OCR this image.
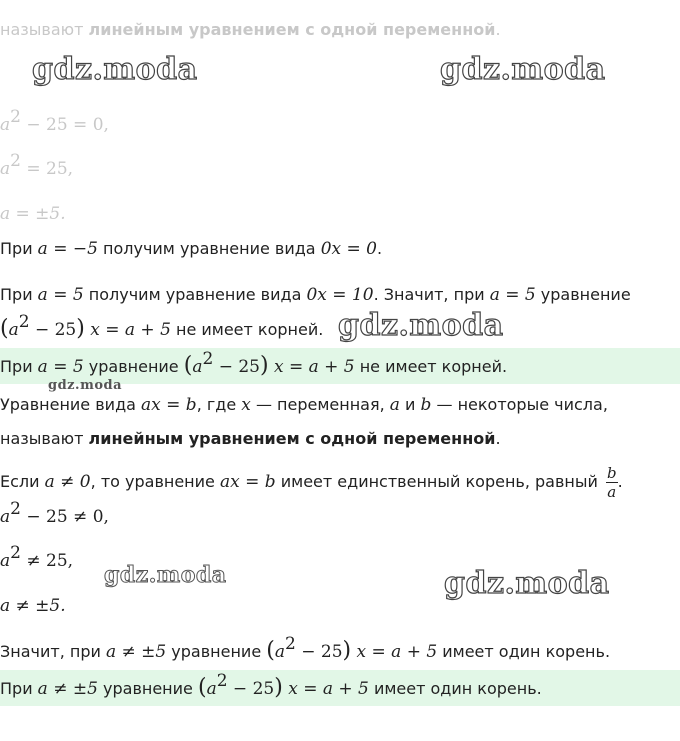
называют линейным уравнением с одной переменной.
$a^2 - 25 = 0$,
$a^2 = 25$,
a = ±5.
При a = −5 получим уравнение вида 0x = 0.
При a = 5 получим уравнение вида 0x = 10. Значит, при a = 5 уравнение
$(a^2 - 25) x = a + 5$ не имеет корней.
При a = 5 уравнение $(a^2 - 25) x = a + 5$ не имеет корней.
Уравнение вида ax = b, где x — переменная, a и b — некоторые числа,
называют линейным уравнением с одной переменной.
Если a ≠ 0, то уравнение ax = b имеет единственный корень, равный $\frac{b}{a}$ .
$a^2 - 25 \ne 0$,
$a^2 \ne 25$,
a ≠ ±5.
Значит, при a ≠ ±5 уравнение $(a^2 - 25) x = a + 5$ имеет один корень.
При a ≠ ±5 уравнение $(a^2 - 25) x = a + 5$ имеет один корень.
gdz.moda	gdz.moda
gdz.moda
gdz.moda
gdz.moda	gdz.moda
